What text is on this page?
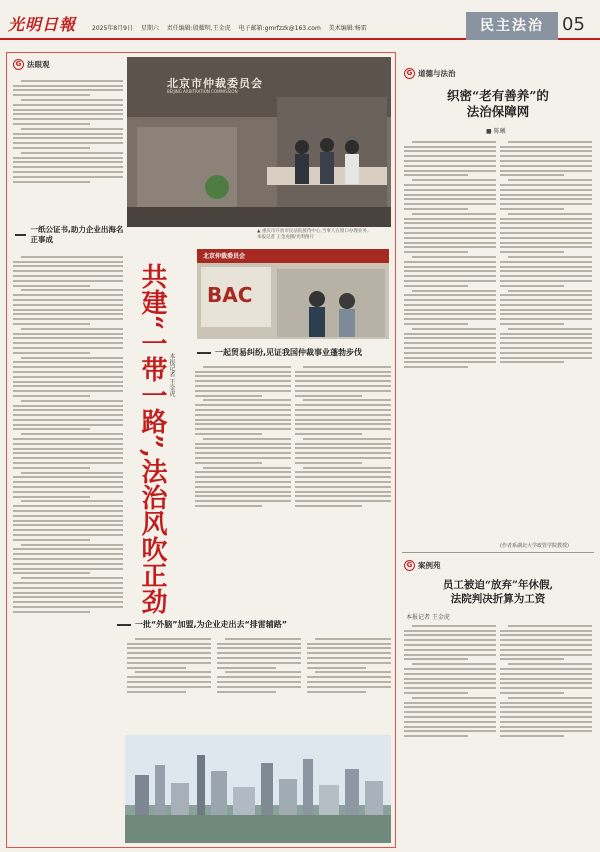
光明日報	2025年8月9日 星期六 责任编辑:殷耀明,王金虎 电子邮箱:gmrfzzk@163.com 美术编辑:杨雷	民主法治	05
G 法眼观
北京市仲裁委员会
BEIJING ARBITRATION COMMISSION
▲ 重庆市开放市民法院接待中心,当事人在窗口办理业务。
本报记者 王金虎摄/光明图片
北京仲裁委员会
BAC
一纸公证书,助力企业出海名正事成
共建“一带一路”,法治风吹正劲 本报记者 王金虎
一起贸易纠纷,见证我国仲裁事业蓬勃步伐
一批“外脑”加盟,为企业走出去“排雷辅路”
G 道德与法治
织密“老有善养”的
法治保障网
■ 陈曦
(作者系湖北大学政管学院教授)
G 案例苑
员工被迫“放弃”年休假,
法院判决折算为工资
本报记者 王金虎
